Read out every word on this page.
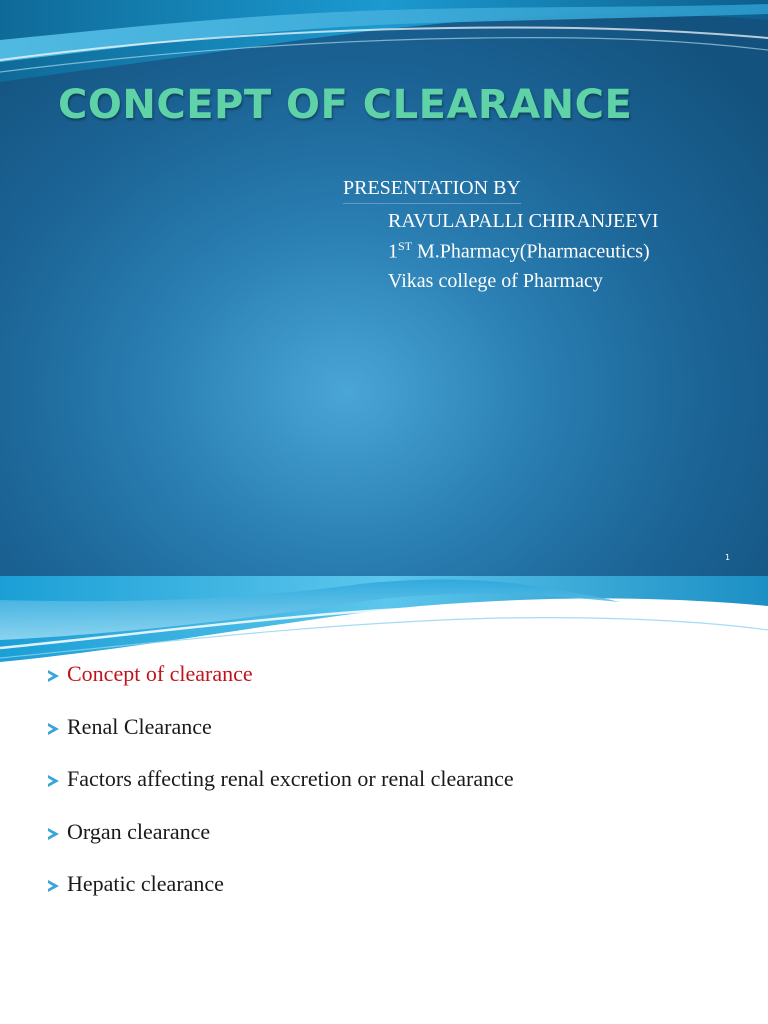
CONCEPT OF CLEARANCE
PRESENTATION BY
RAVULAPALLI CHIRANJEEVI
1ST M.Pharmacy(Pharmaceutics)
Vikas college of Pharmacy
1
Concept of clearance
Renal Clearance
Factors affecting renal excretion or renal clearance
Organ clearance
Hepatic clearance
